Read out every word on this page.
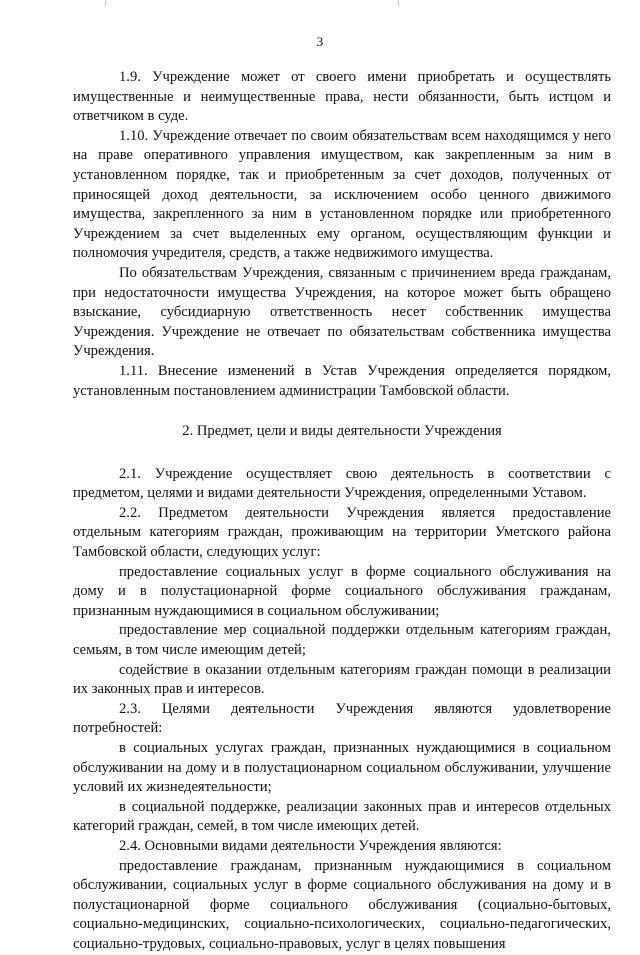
3

1.9. Учреждение может от своего имени приобретать и осуществлять имущественные и неимущественные права, нести обязанности, быть истцом и ответчиком в суде.

1.10. Учреждение отвечает по своим обязательствам всем находящимся у него на праве оперативного управления имуществом, как закрепленным за ним в установленном порядке, так и приобретенным за счет доходов, полученных от приносящей доход деятельности, за исключением особо ценного движимого имущества, закрепленного за ним в установленном порядке или приобретенного Учреждением за счет выделенных ему органом, осуществляющим функции и полномочия учредителя, средств, а также недвижимого имущества.

По обязательствам Учреждения, связанным с причинением вреда гражданам, при недостаточности имущества Учреждения, на которое может быть обращено взыскание, субсидиарную ответственность несет собственник имущества Учреждения. Учреждение не отвечает по обязательствам собственника имущества Учреждения.

1.11. Внесение изменений в Устав Учреждения определяется порядком, установленным постановлением администрации Тамбовской области.

2. Предмет, цели и виды деятельности Учреждения

2.1. Учреждение осуществляет свою деятельность в соответствии с предметом, целями и видами деятельности Учреждения, определенными Уставом.

2.2. Предметом деятельности Учреждения является предоставление отдельным категориям граждан, проживающим на территории Уметского района Тамбовской области, следующих услуг:

предоставление социальных услуг в форме социального обслуживания на дому и в полустационарной форме социального обслуживания гражданам, признанным нуждающимися в социальном обслуживании;

предоставление мер социальной поддержки отдельным категориям граждан, семьям, в том числе имеющим детей;

содействие в оказании отдельным категориям граждан помощи в реализации их законных прав и интересов.

2.3. Целями деятельности Учреждения являются удовлетворение потребностей:

в социальных услугах граждан, признанных нуждающимися в социальном обслуживании на дому и в полустационарном социальном обслуживании, улучшение условий их жизнедеятельности;

в социальной поддержке, реализации законных прав и интересов отдельных категорий граждан, семей, в том числе имеющих детей.

2.4. Основными видами деятельности Учреждения являются:

предоставление гражданам, признанным нуждающимися в социальном обслуживании, социальных услуг в форме социального обслуживания на дому и в полустационарной форме социального обслуживания (социально-бытовых, социально-медицинских, социально-психологических, социально-педагогических, социально-трудовых, социально-правовых, услуг в целях повышения
